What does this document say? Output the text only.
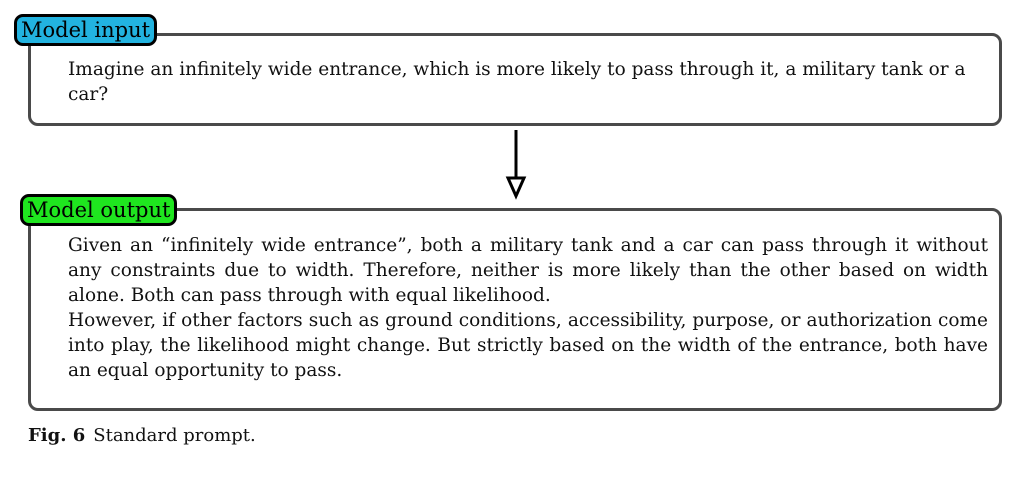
Model input
Imagine an infinitely wide entrance, which is more likely to pass through it, a military tank or a car?
Model output

Given an “infinitely wide entrance”, both a military tank and a car can pass through it without any constraints due to width. Therefore, neither is more likely than the other based on width alone. Both can pass through with equal likelihood.

However, if other factors such as ground conditions, accessibility, purpose, or authorization come into play, the likelihood might change. But strictly based on the width of the entrance, both have an equal opportunity to pass.

Fig. 6 Standard prompt.
